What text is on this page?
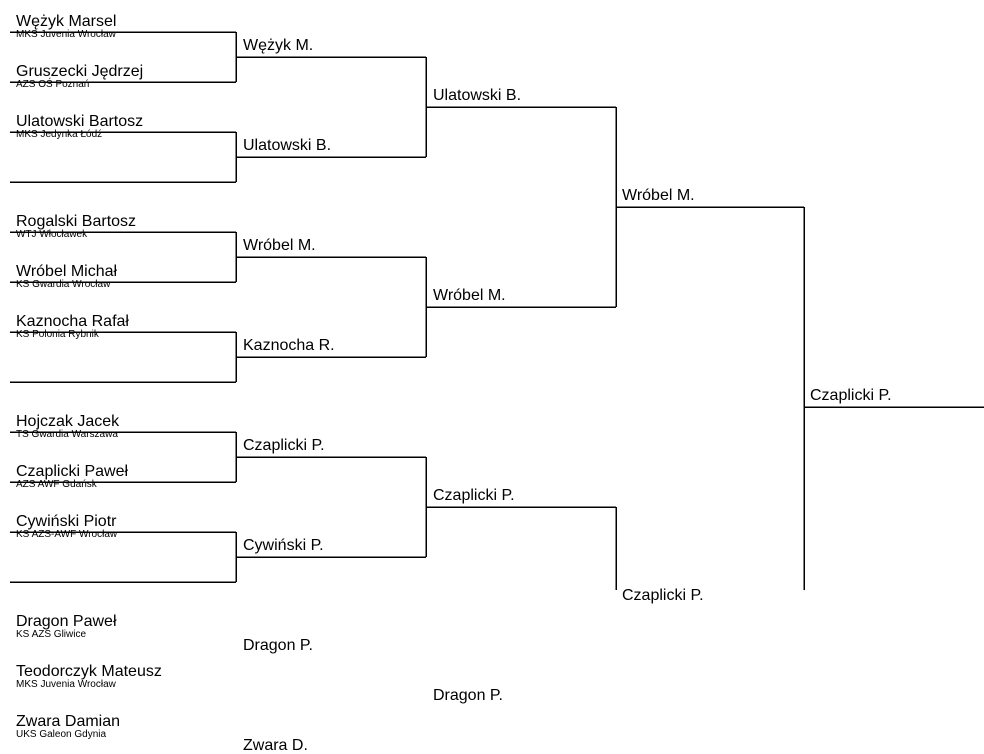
Wężyk Marsel
MKS Juvenia Wrocław
Gruszecki Jędrzej
AZS OŚ Poznań
Ulatowski Bartosz
MKS Jedynka Łódź
Rogalski Bartosz
WTJ Włocławek
Wróbel Michał
KS Gwardia Wrocław
Kaznocha Rafał
KS Polonia Rybnik
Hojczak Jacek
TS Gwardia Warszawa
Czaplicki Paweł
AZS AWF Gdańsk
Cywiński Piotr
KS AZS-AWF Wrocław
Dragon Paweł
KS AZS Gliwice
Teodorczyk Mateusz
MKS Juvenia Wrocław
Zwara Damian
UKS Galeon Gdynia
Wężyk M.
Ulatowski B.
Wróbel M.
Kaznocha R.
Czaplicki P.
Cywiński P.
Dragon P.
Zwara D.
Ulatowski B.
Wróbel M.
Czaplicki P.
Dragon P.
Wróbel M.
Czaplicki P.
Czaplicki P.
